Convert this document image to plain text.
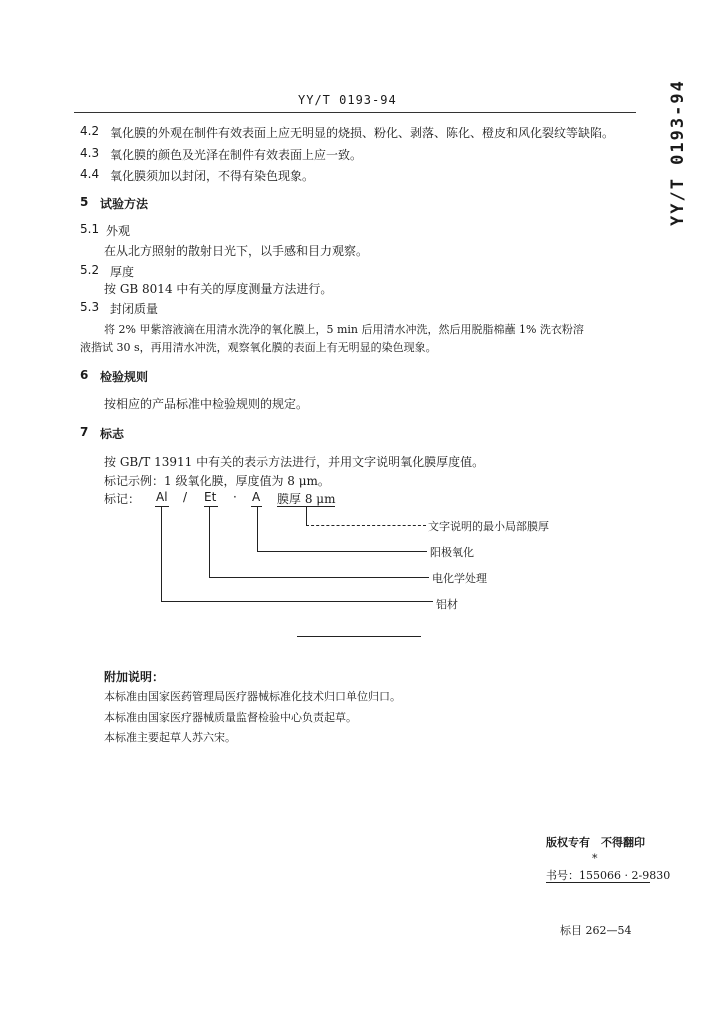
YY/T 0193-94	YY/T 0193-94
4.2 氧化膜的外观在制件有效表面上应无明显的烧损、粉化、剥落、陈化、橙皮和风化裂纹等缺陷。
4.3 氧化膜的颜色及光泽在制件有效表面上应一致。
4.4 氧化膜须加以封闭，不得有染色现象。
5 试验方法
5.1 外观
在从北方照射的散射日光下，以手感和目力观察。
5.2 厚度
按 GB 8014 中有关的厚度测量方法进行。
5.3 封闭质量
将 2% 甲紫溶液滴在用清水洗净的氧化膜上，5 min 后用清水冲洗，然后用脱脂棉蘸 1% 洗衣粉溶
液揩试 30 s，再用清水冲洗，观察氧化膜的表面上有无明显的染色现象。
6 检验规则
按相应的产品标准中检验规则的规定。
7 标志
按 GB/T 13911 中有关的表示方法进行，并用文字说明氧化膜厚度值。
标记示例：1 级氧化膜，厚度值为 8 μm。
标记： Al / Et · A 膜厚 8 μm
文字说明的最小局部膜厚
阳极氧化
电化学处理
铝材
附加说明：
本标准由国家医药管理局医疗器械标准化技术归口单位归口。
本标准由国家医疗器械质量监督检验中心负责起草。
本标准主要起草人苏六宋。
版权专有　不得翻印
*
书号：155066 · 2-9830
标目 262—54
